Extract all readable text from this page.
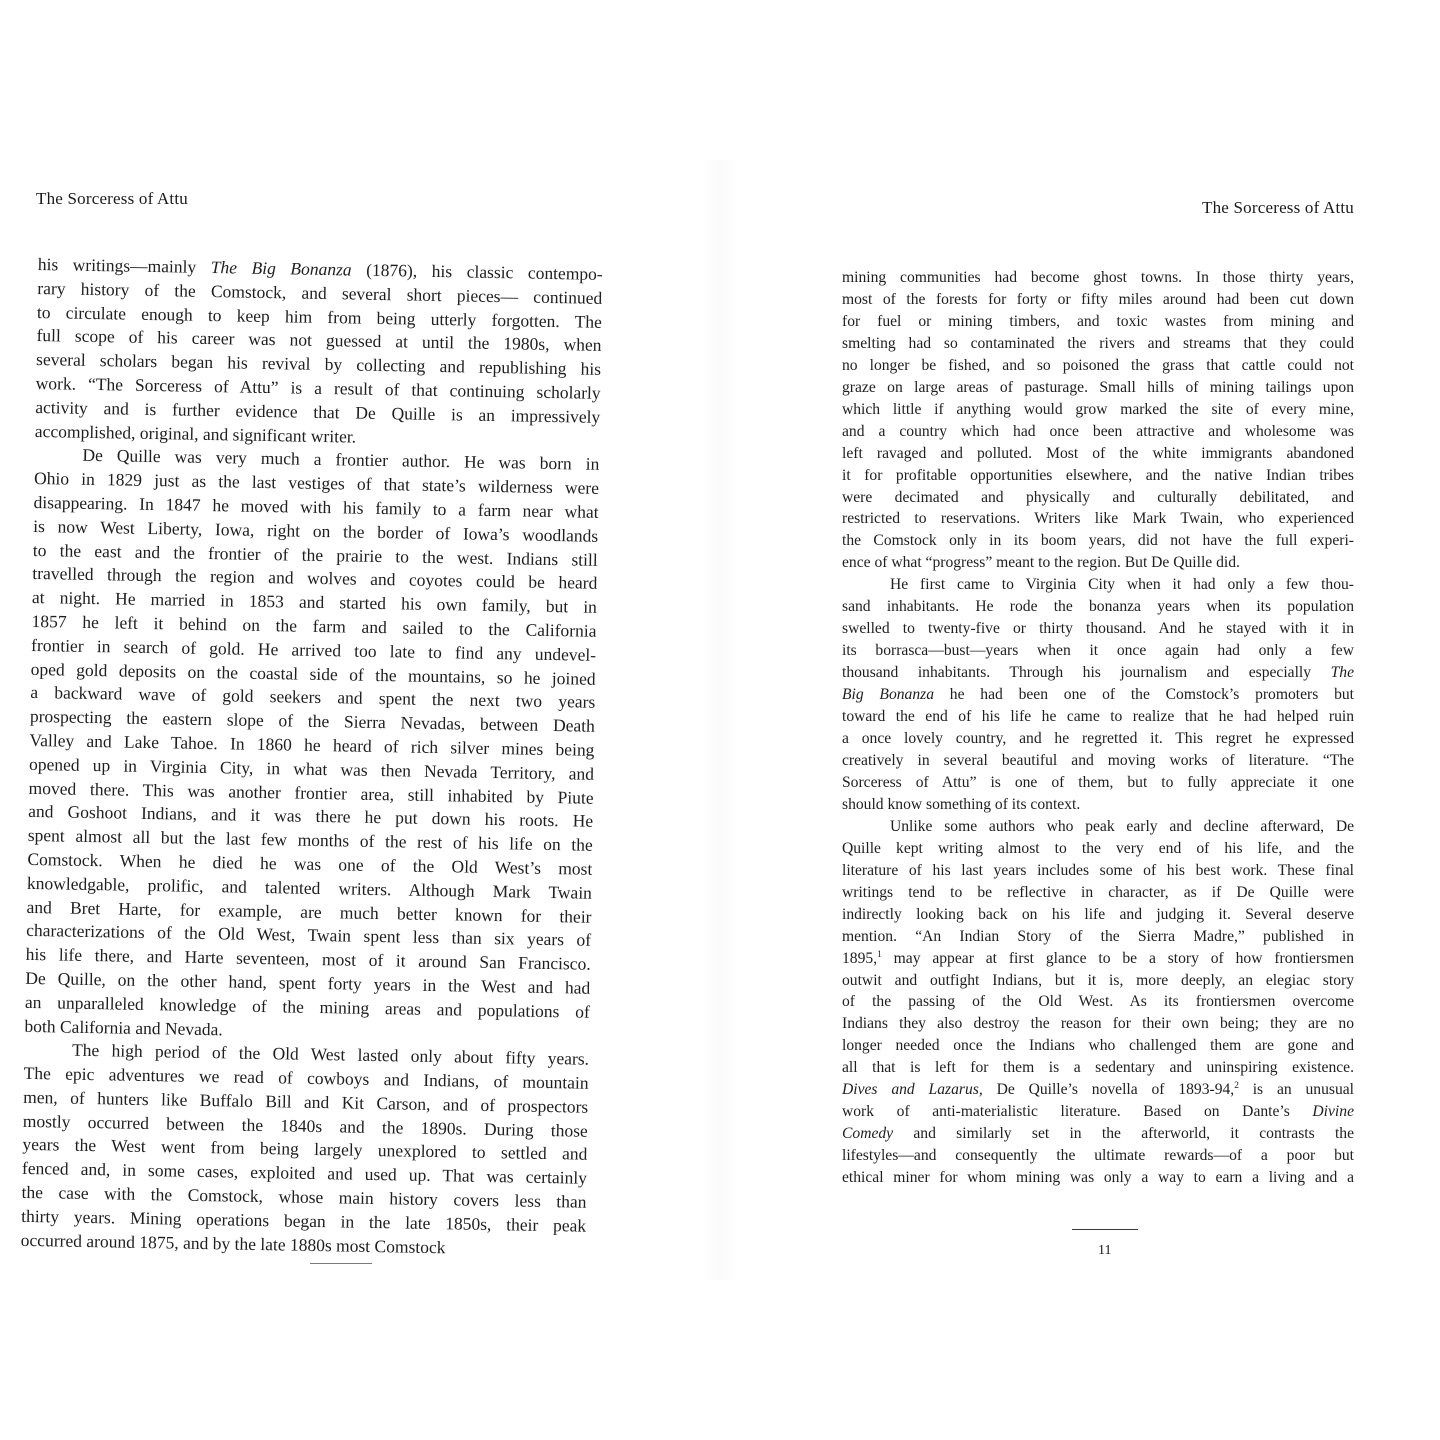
The Sorceress of Attu
his writings—mainly The Big Bonanza (1876), his classic contempo-
rary history of the Comstock, and several short pieces— continued
to circulate enough to keep him from being utterly forgotten. The
full scope of his career was not guessed at until the 1980s, when
several scholars began his revival by collecting and republishing his
work. “The Sorceress of Attu” is a result of that continuing scholarly
activity and is further evidence that De Quille is an impressively
accomplished, original, and significant writer.
De Quille was very much a frontier author. He was born in
Ohio in 1829 just as the last vestiges of that state’s wilderness were
disappearing. In 1847 he moved with his family to a farm near what
is now West Liberty, Iowa, right on the border of Iowa’s woodlands
to the east and the frontier of the prairie to the west. Indians still
travelled through the region and wolves and coyotes could be heard
at night. He married in 1853 and started his own family, but in
1857 he left it behind on the farm and sailed to the California
frontier in search of gold. He arrived too late to find any undevel-
oped gold deposits on the coastal side of the mountains, so he joined
a backward wave of gold seekers and spent the next two years
prospecting the eastern slope of the Sierra Nevadas, between Death
Valley and Lake Tahoe. In 1860 he heard of rich silver mines being
opened up in Virginia City, in what was then Nevada Territory, and
moved there. This was another frontier area, still inhabited by Piute
and Goshoot Indians, and it was there he put down his roots. He
spent almost all but the last few months of the rest of his life on the
Comstock. When he died he was one of the Old West’s most
knowledgable, prolific, and talented writers. Although Mark Twain
and Bret Harte, for example, are much better known for their
characterizations of the Old West, Twain spent less than six years of
his life there, and Harte seventeen, most of it around San Francisco.
De Quille, on the other hand, spent forty years in the West and had
an unparalleled knowledge of the mining areas and populations of
both California and Nevada.
The high period of the Old West lasted only about fifty years.
The epic adventures we read of cowboys and Indians, of mountain
men, of hunters like Buffalo Bill and Kit Carson, and of prospectors
mostly occurred between the 1840s and the 1890s. During those
years the West went from being largely unexplored to settled and
fenced and, in some cases, exploited and used up. That was certainly
the case with the Comstock, whose main history covers less than
thirty years. Mining operations began in the late 1850s, their peak
occurred around 1875, and by the late 1880s most Comstock
The Sorceress of Attu
mining communities had become ghost towns. In those thirty years,
most of the forests for forty or fifty miles around had been cut down
for fuel or mining timbers, and toxic wastes from mining and
smelting had so contaminated the rivers and streams that they could
no longer be fished, and so poisoned the grass that cattle could not
graze on large areas of pasturage. Small hills of mining tailings upon
which little if anything would grow marked the site of every mine,
and a country which had once been attractive and wholesome was
left ravaged and polluted. Most of the white immigrants abandoned
it for profitable opportunities elsewhere, and the native Indian tribes
were decimated and physically and culturally debilitated, and
restricted to reservations. Writers like Mark Twain, who experienced
the Comstock only in its boom years, did not have the full experi-
ence of what “progress” meant to the region. But De Quille did.
He first came to Virginia City when it had only a few thou-
sand inhabitants. He rode the bonanza years when its population
swelled to twenty-five or thirty thousand. And he stayed with it in
its borrasca—bust—years when it once again had only a few
thousand inhabitants. Through his journalism and especially The
Big Bonanza he had been one of the Comstock’s promoters but
toward the end of his life he came to realize that he had helped ruin
a once lovely country, and he regretted it. This regret he expressed
creatively in several beautiful and moving works of literature. “The
Sorceress of Attu” is one of them, but to fully appreciate it one
should know something of its context.
Unlike some authors who peak early and decline afterward, De
Quille kept writing almost to the very end of his life, and the
literature of his last years includes some of his best work. These final
writings tend to be reflective in character, as if De Quille were
indirectly looking back on his life and judging it. Several deserve
mention. “An Indian Story of the Sierra Madre,” published in
1895,$^1$ may appear at first glance to be a story of how frontiersmen
outwit and outfight Indians, but it is, more deeply, an elegiac story
of the passing of the Old West. As its frontiersmen overcome
Indians they also destroy the reason for their own being; they are no
longer needed once the Indians who challenged them are gone and
all that is left for them is a sedentary and uninspiring existence.
Dives and Lazarus, De Quille’s novella of 1893-94,$^2$ is an unusual
work of anti-materialistic literature. Based on Dante’s Divine
Comedy and similarly set in the afterworld, it contrasts the
lifestyles—and consequently the ultimate rewards—of a poor but
ethical miner for whom mining was only a way to earn a living and a
11
